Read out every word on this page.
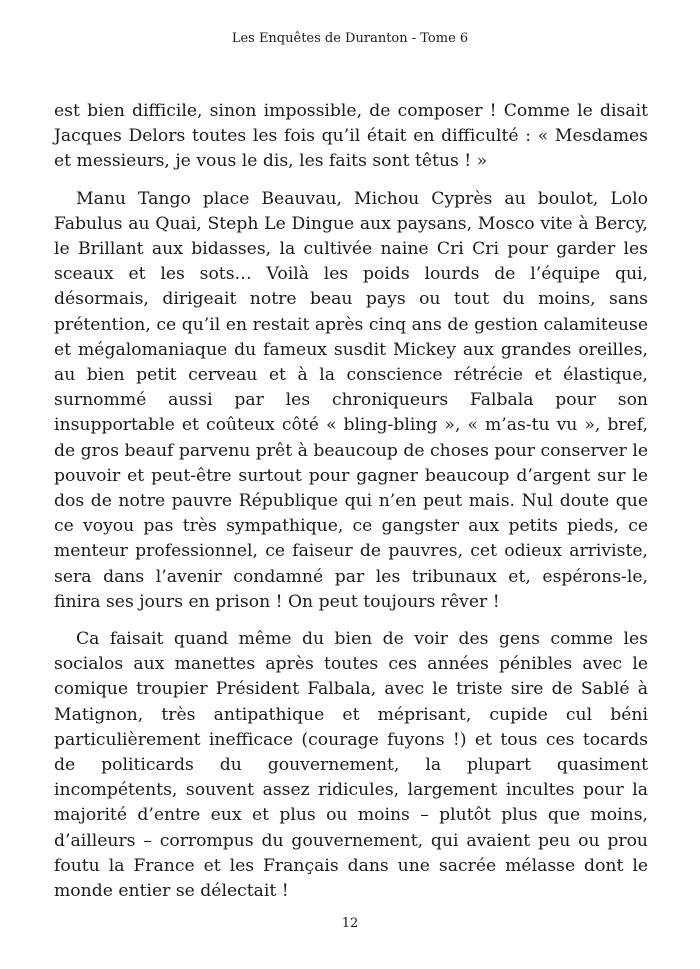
Les Enquêtes de Duranton - Tome 6

est bien difficile, sinon impossible, de composer ! Comme le disait Jacques Delors toutes les fois qu’il était en difficulté : « Mesdames et messieurs, je vous le dis, les faits sont têtus ! »

Manu Tango place Beauvau, Michou Cyprès au boulot, Lolo Fabulus au Quai, Steph Le Dingue aux paysans, Mosco vite à Bercy, le Brillant aux bidasses, la cultivée naine Cri Cri pour garder les sceaux et les sots… Voilà les poids lourds de l’équipe qui, désormais, dirigeait notre beau pays ou tout du moins, sans prétention, ce qu’il en restait après cinq ans de gestion calamiteuse et mégalomaniaque du fameux susdit Mickey aux grandes oreilles, au bien petit cerveau et à la conscience rétrécie et élastique, surnommé aussi par les chroniqueurs Falbala pour son insupportable et coûteux côté « bling-bling », « m’as-tu vu », bref, de gros beauf parvenu prêt à beaucoup de choses pour conserver le pouvoir et peut-être surtout pour gagner beaucoup d’argent sur le dos de notre pauvre République qui n’en peut mais. Nul doute que ce voyou pas très sympathique, ce gangster aux petits pieds, ce menteur professionnel, ce faiseur de pauvres, cet odieux arriviste, sera dans l’avenir condamné par les tribunaux et, espérons-le, finira ses jours en prison ! On peut toujours rêver !

Ca faisait quand même du bien de voir des gens comme les socialos aux manettes après toutes ces années pénibles avec le comique troupier Président Falbala, avec le triste sire de Sablé à Matignon, très antipathique et méprisant, cupide cul béni particulièrement inefficace (courage fuyons !) et tous ces tocards de politicards du gouvernement, la plupart quasiment incompétents, souvent assez ridicules, largement incultes pour la majorité d’entre eux et plus ou moins – plutôt plus que moins, d’ailleurs – corrompus du gouvernement, qui avaient peu ou prou foutu la France et les Français dans une sacrée mélasse dont le monde entier se délectait !

12
